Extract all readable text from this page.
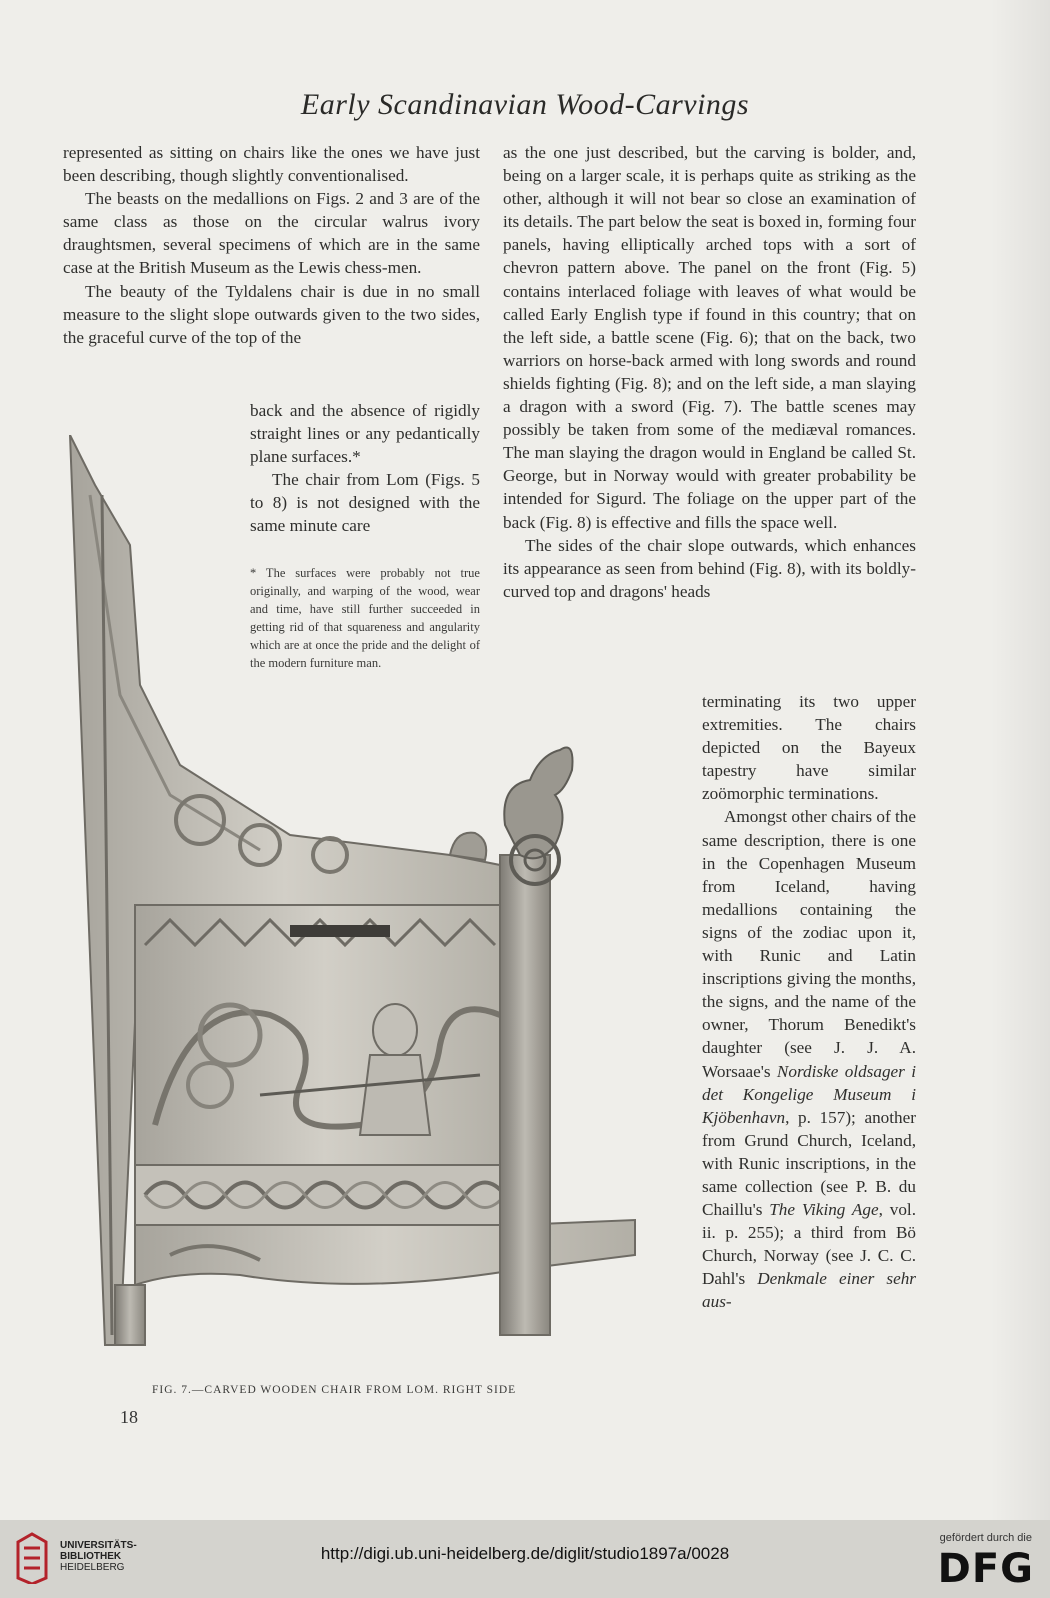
Early Scandinavian Wood-Carvings

represented as sitting on chairs like the ones we have just been describing, though slightly conventionalised.

The beasts on the medallions on Figs. 2 and 3 are of the same class as those on the circular walrus ivory draughtsmen, several specimens of which are in the same case at the British Museum as the Lewis chess-men.

The beauty of the Tyldalens chair is due in no small measure to the slight slope outwards given to the two sides, the graceful curve of the top of the

back and the absence of rigidly straight lines or any pedantically plane surfaces.*

The chair from Lom (Figs. 5 to 8) is not designed with the same minute care

* The surfaces were probably not true originally, and warping of the wood, wear and time, have still further succeeded in getting rid of that squareness and angularity which are at once the pride and the delight of the modern furniture man.

as the one just described, but the carving is bolder, and, being on a larger scale, it is perhaps quite as striking as the other, although it will not bear so close an examination of its details. The part below the seat is boxed in, forming four panels, having elliptically arched tops with a sort of chevron pattern above. The panel on the front (Fig. 5) contains interlaced foliage with leaves of what would be called Early English type if found in this country; that on the left side, a battle scene (Fig. 6); that on the back, two warriors on horse-back armed with long swords and round shields fighting (Fig. 8); and on the left side, a man slaying a dragon with a sword (Fig. 7). The battle scenes may possibly be taken from some of the mediæval romances. The man slaying the dragon would in England be called St. George, but in Norway would with greater probability be intended for Sigurd. The foliage on the upper part of the back (Fig. 8) is effective and fills the space well.

The sides of the chair slope outwards, which enhances its appearance as seen from behind (Fig. 8), with its boldly-curved top and dragons' heads

terminating its two upper extremities. The chairs depicted on the Bayeux tapestry have similar zoömorphic terminations.

Amongst other chairs of the same description, there is one in the Copenhagen Museum from Iceland, having medallions containing the signs of the zodiac upon it, with Runic and Latin inscriptions giving the months, the signs, and the name of the owner, Thorum Benedikt's daughter (see J. J. A. Worsaae's Nordiske oldsager i det Kongelige Museum i Kjöbenhavn, p. 157); another from Grund Church, Iceland, with Runic inscriptions, in the same collection (see P. B. du Chaillu's The Viking Age, vol. ii. p. 255); a third from Bö Church, Norway (see J. C. C. Dahl's Denkmale einer sehr aus-

FIG. 7.—CARVED WOODEN CHAIR FROM LOM. RIGHT SIDE
18
UNIVERSITÄTS-
BIBLIOTHEK
HEIDELBERG
http://digi.ub.uni-heidelberg.de/diglit/studio1897a/0028
gefördert durch die
DFG
